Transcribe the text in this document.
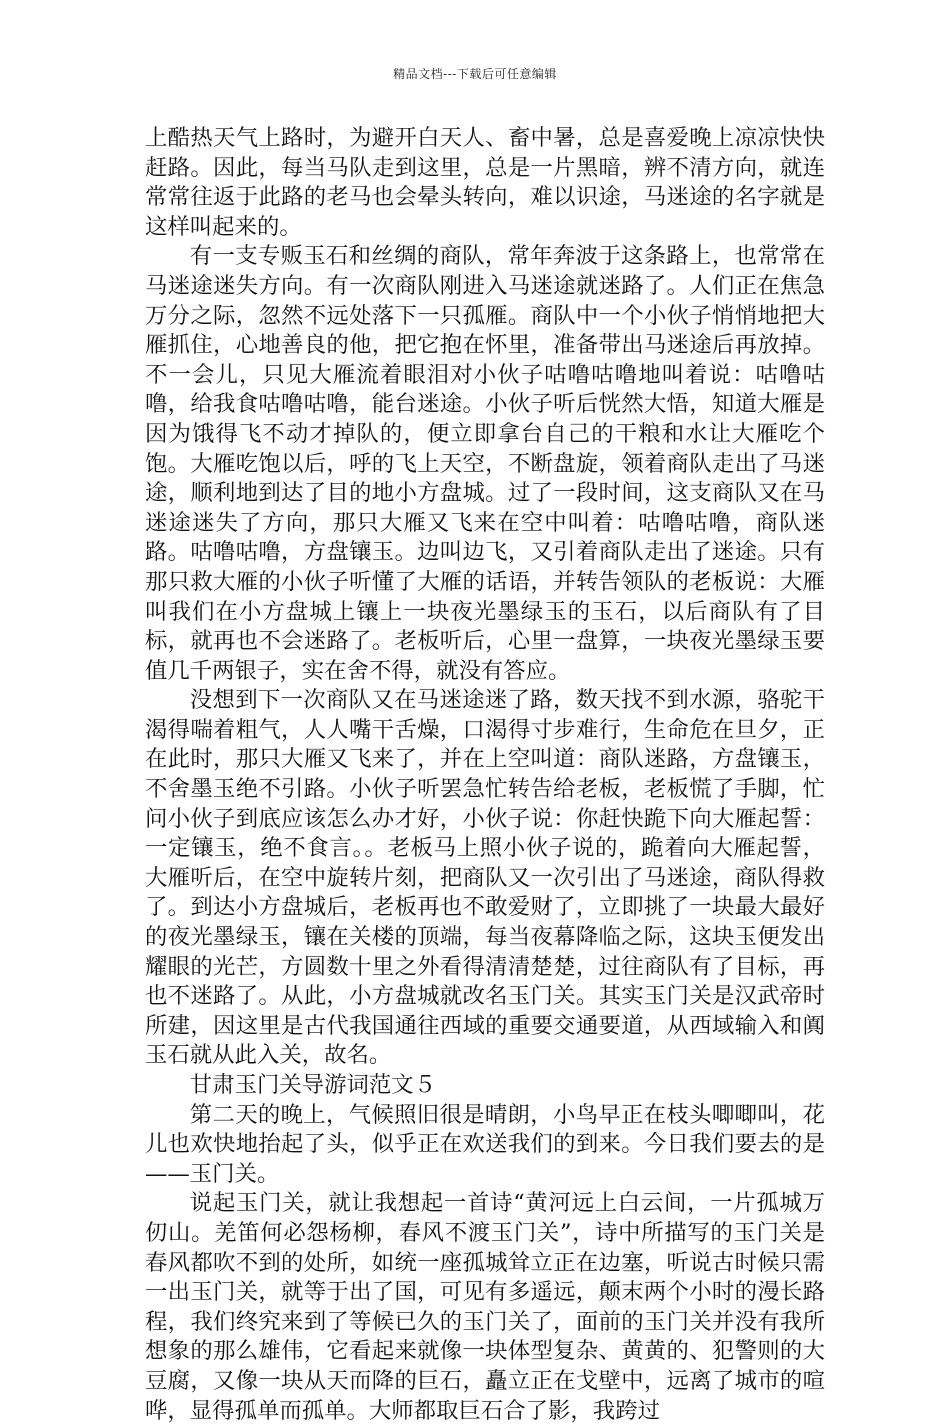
精品文档---下载后可任意编辑

上酷热天气上路时，为避开白天人、畜中暑，总是喜爱晚上凉凉快快赶路。因此，每当马队走到这里，总是一片黑暗，辨不清方向，就连常常往返于此路的老马也会晕头转向，难以识途，马迷途的名字就是这样叫起来的。

有一支专贩玉石和丝绸的商队，常年奔波于这条路上，也常常在马迷途迷失方向。有一次商队刚进入马迷途就迷路了。人们正在焦急万分之际，忽然不远处落下一只孤雁。商队中一个小伙子悄悄地把大雁抓住，心地善良的他，把它抱在怀里，准备带出马迷途后再放掉。不一会儿，只见大雁流着眼泪对小伙子咕噜咕噜地叫着说：咕噜咕噜，给我食咕噜咕噜，能台迷途。小伙子听后恍然大悟，知道大雁是因为饿得飞不动才掉队的，便立即拿台自己的干粮和水让大雁吃个饱。大雁吃饱以后，呼的飞上天空，不断盘旋，领着商队走出了马迷途，顺利地到达了目的地小方盘城。过了一段时间，这支商队又在马迷途迷失了方向，那只大雁又飞来在空中叫着：咕噜咕噜，商队迷路。咕噜咕噜，方盘镶玉。边叫边飞，又引着商队走出了迷途。只有那只救大雁的小伙子听懂了大雁的话语，并转告领队的老板说：大雁叫我们在小方盘城上镶上一块夜光墨绿玉的玉石，以后商队有了目标，就再也不会迷路了。老板听后，心里一盘算，一块夜光墨绿玉要值几千两银子，实在舍不得，就没有答应。

没想到下一次商队又在马迷途迷了路，数天找不到水源，骆驼干渴得喘着粗气，人人嘴干舌燥，口渴得寸步难行，生命危在旦夕，正在此时，那只大雁又飞来了，并在上空叫道：商队迷路，方盘镶玉，不舍墨玉绝不引路。小伙子听罢急忙转告给老板，老板慌了手脚，忙问小伙子到底应该怎么办才好，小伙子说：你赶快跪下向大雁起誓：一定镶玉，绝不食言。。老板马上照小伙子说的，跪着向大雁起誓，大雁听后，在空中旋转片刻，把商队又一次引出了马迷途，商队得救了。到达小方盘城后，老板再也不敢爱财了，立即挑了一块最大最好的夜光墨绿玉，镶在关楼的顶端，每当夜幕降临之际，这块玉便发出耀眼的光芒，方圆数十里之外看得清清楚楚，过往商队有了目标，再也不迷路了。从此，小方盘城就改名玉门关。其实玉门关是汉武帝时所建，因这里是古代我国通往西域的重要交通要道，从西域输入和阗玉石就从此入关，故名。

甘肃玉门关导游词范文５

第二天的晚上，气候照旧很是晴朗，小鸟早正在枝头唧唧叫，花儿也欢快地抬起了头，似乎正在欢送我们的到来。今日我们要去的是——玉门关。

说起玉门关，就让我想起一首诗“黄河远上白云间，一片孤城万仞山。羌笛何必怨杨柳，春风不渡玉门关”，诗中所描写的玉门关是春风都吹不到的处所，如统一座孤城耸立正在边塞，听说古时候只需一出玉门关，就等于出了国，可见有多遥远，颠末两个小时的漫长路程，我们终究来到了等候已久的玉门关了，面前的玉门关并没有我所想象的那么雄伟，它看起来就像一块体型复杂、黄黄的、犯警则的大豆腐，又像一块从天而降的巨石，矗立正在戈壁中，远离了城市的喧哗，显得孤单而孤单。大师都取巨石合了影，我跨过
